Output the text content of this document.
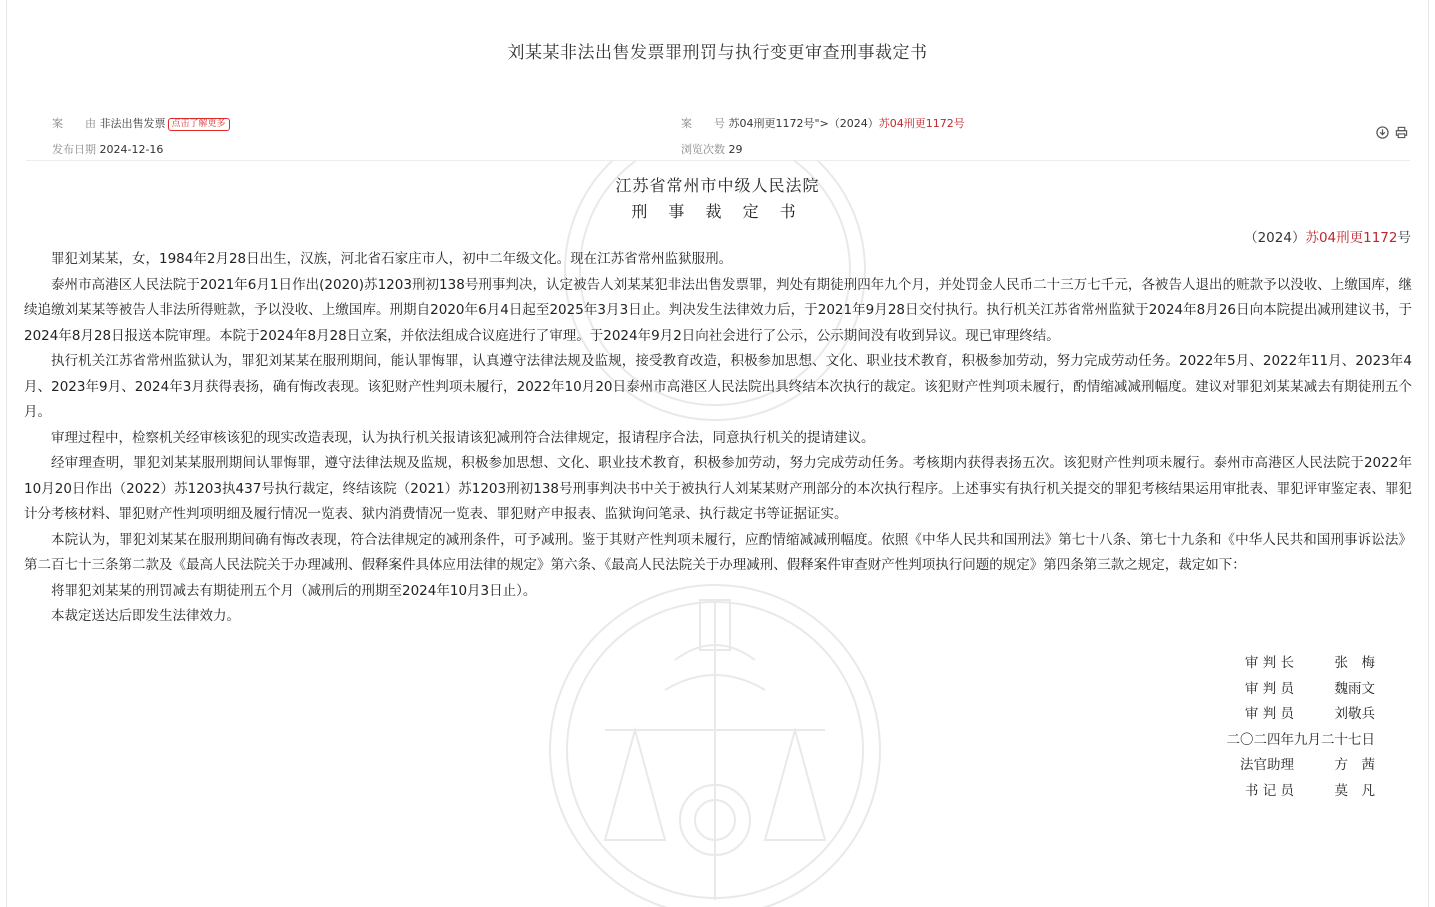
刘某某非法出售发票罪刑罚与执行变更审查刑事裁定书
案　　由 非法出售发票 点击了解更多	案　　号 苏04刑更1172号">（2024）苏04刑更1172号
发布日期 2024-12-16	浏览次数 29
江苏省常州市中级人民法院
刑 事 裁 定 书
（2024）苏04刑更1172号

罪犯刘某某，女，1984年2月28日出生，汉族，河北省石家庄市人，初中二年级文化。现在江苏省常州监狱服刑。

泰州市高港区人民法院于2021年6月1日作出(2020)苏1203刑初138号刑事判决，认定被告人刘某某犯非法出售发票罪，判处有期徒刑四年九个月，并处罚金人民币二十三万七千元，各被告人退出的赃款予以没收、上缴国库，继续追缴刘某某等被告人非法所得赃款，予以没收、上缴国库。刑期自2020年6月4日起至2025年3月3日止。判决发生法律效力后，于2021年9月28日交付执行。执行机关江苏省常州监狱于2024年8月26日向本院提出减刑建议书，于2024年8月28日报送本院审理。本院于2024年8月28日立案，并依法组成合议庭进行了审理。于2024年9月2日向社会进行了公示，公示期间没有收到异议。现已审理终结。

执行机关江苏省常州监狱认为，罪犯刘某某在服刑期间，能认罪悔罪，认真遵守法律法规及监规，接受教育改造，积极参加思想、文化、职业技术教育，积极参加劳动，努力完成劳动任务。2022年5月、2022年11月、2023年4月、2023年9月、2024年3月获得表扬，确有悔改表现。该犯财产性判项未履行，2022年10月20日泰州市高港区人民法院出具终结本次执行的裁定。该犯财产性判项未履行，酌情缩减减刑幅度。建议对罪犯刘某某减去有期徒刑五个月。

审理过程中，检察机关经审核该犯的现实改造表现，认为执行机关报请该犯减刑符合法律规定，报请程序合法，同意执行机关的提请建议。

经审理查明，罪犯刘某某服刑期间认罪悔罪，遵守法律法规及监规，积极参加思想、文化、职业技术教育，积极参加劳动，努力完成劳动任务。考核期内获得表扬五次。该犯财产性判项未履行。泰州市高港区人民法院于2022年10月20日作出（2022）苏1203执437号执行裁定，终结该院（2021）苏1203刑初138号刑事判决书中关于被执行人刘某某财产刑部分的本次执行程序。上述事实有执行机关提交的罪犯考核结果运用审批表、罪犯评审鉴定表、罪犯计分考核材料、罪犯财产性判项明细及履行情况一览表、狱内消费情况一览表、罪犯财产申报表、监狱询问笔录、执行裁定书等证据证实。

本院认为，罪犯刘某某在服刑期间确有悔改表现，符合法律规定的减刑条件，可予减刑。鉴于其财产性判项未履行，应酌情缩减减刑幅度。依照《中华人民共和国刑法》第七十八条、第七十九条和《中华人民共和国刑事诉讼法》第二百七十三条第二款及《最高人民法院关于办理减刑、假释案件具体应用法律的规定》第六条、《最高人民法院关于办理减刑、假释案件审查财产性判项执行问题的规定》第四条第三款之规定，裁定如下：

将罪犯刘某某的刑罚减去有期徒刑五个月（减刑后的刑期至2024年10月3日止）。

本裁定送达后即发生法律效力。

审 判 长　　　	张　梅
审 判 员　　　	魏雨文
审 判 员　　　	刘敬兵
二〇二四年九月二十七日
法官助理　　　	方　茜
书 记 员　　　	莫　凡
